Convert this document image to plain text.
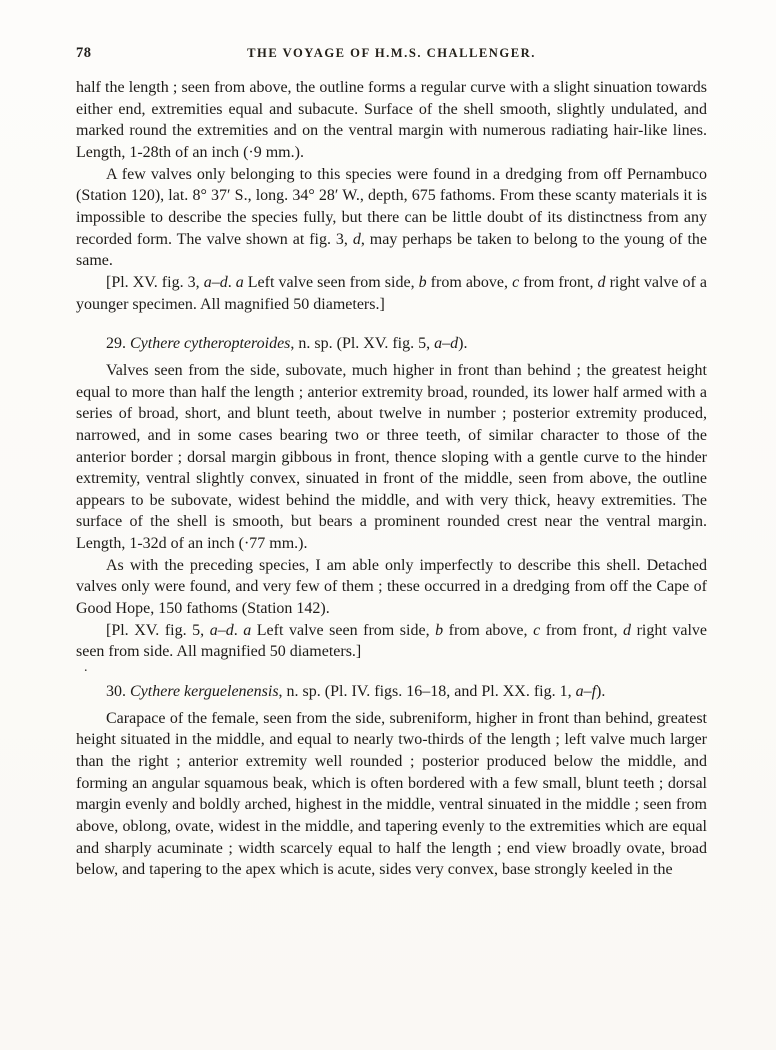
78	THE VOYAGE OF H.M.S. CHALLENGER.

half the length ; seen from above, the outline forms a regular curve with a slight sinuation towards either end, extremities equal and subacute. Surface of the shell smooth, slightly undulated, and marked round the extremities and on the ventral margin with numerous radiating hair-like lines. Length, 1-28th of an inch (·9 mm.).

A few valves only belonging to this species were found in a dredging from off Pernambuco (Station 120), lat. 8° 37′ S., long. 34° 28′ W., depth, 675 fathoms. From these scanty materials it is impossible to describe the species fully, but there can be little doubt of its distinctness from any recorded form. The valve shown at fig. 3, d, may perhaps be taken to belong to the young of the same.

[Pl. XV. fig. 3, a–d. a Left valve seen from side, b from above, c from front, d right valve of a younger specimen. All magnified 50 diameters.]

29. Cythere cytheropteroides, n. sp. (Pl. XV. fig. 5, a–d).

Valves seen from the side, subovate, much higher in front than behind ; the greatest height equal to more than half the length ; anterior extremity broad, rounded, its lower half armed with a series of broad, short, and blunt teeth, about twelve in number ; posterior extremity produced, narrowed, and in some cases bearing two or three teeth, of similar character to those of the anterior border ; dorsal margin gibbous in front, thence sloping with a gentle curve to the hinder extremity, ventral slightly convex, sinuated in front of the middle, seen from above, the outline appears to be subovate, widest behind the middle, and with very thick, heavy extremities. The surface of the shell is smooth, but bears a prominent rounded crest near the ventral margin. Length, 1-32d of an inch (·77 mm.).

As with the preceding species, I am able only imperfectly to describe this shell. Detached valves only were found, and very few of them ; these occurred in a dredging from off the Cape of Good Hope, 150 fathoms (Station 142).

[Pl. XV. fig. 5, a–d. a Left valve seen from side, b from above, c from front, d right valve seen from side. All magnified 50 diameters.]

30. Cythere kerguelenensis, n. sp. (Pl. IV. figs. 16–18, and Pl. XX. fig. 1, a–f).

Carapace of the female, seen from the side, subreniform, higher in front than behind, greatest height situated in the middle, and equal to nearly two-thirds of the length ; left valve much larger than the right ; anterior extremity well rounded ; posterior produced below the middle, and forming an angular squamous beak, which is often bordered with a few small, blunt teeth ; dorsal margin evenly and boldly arched, highest in the middle, ventral sinuated in the middle ; seen from above, oblong, ovate, widest in the middle, and tapering evenly to the extremities which are equal and sharply acuminate ; width scarcely equal to half the length ; end view broadly ovate, broad below, and tapering to the apex which is acute, sides very convex, base strongly keeled in the

.
